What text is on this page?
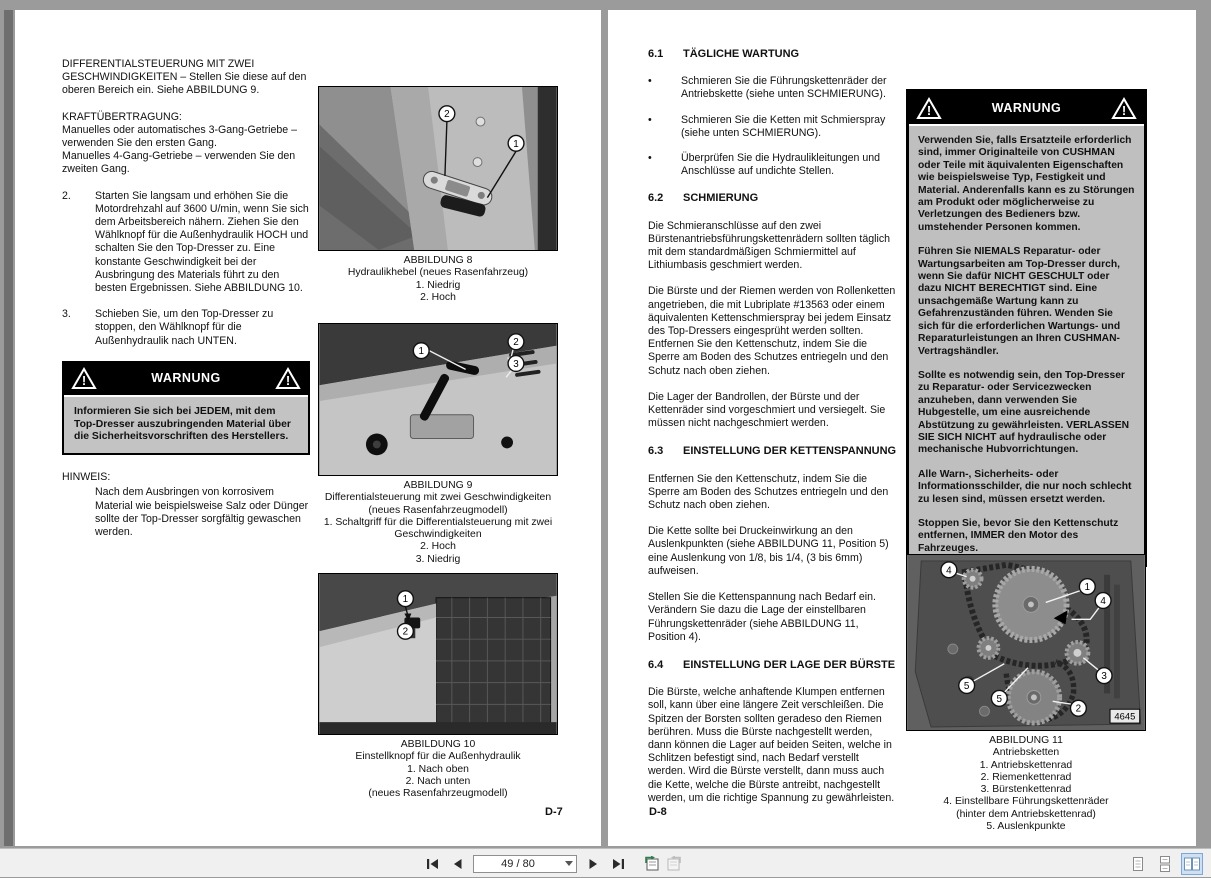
DIFFERENTIALSTEUERUNG MIT ZWEI GESCHWINDIGKEITEN – Stellen Sie diese auf den oberen Bereich ein. Siehe ABBILDUNG 9.

KRAFTÜBERTRAGUNG:

Manuelles oder automatisches 3-Gang-Getriebe – verwenden Sie den ersten Gang.

Manuelles 4-Gang-Getriebe – verwenden Sie den zweiten Gang.

2.	Starten Sie langsam und erhöhen Sie die Motordrehzahl auf 3600 U/min, wenn Sie sich dem Arbeitsbereich nähern. Ziehen Sie den Wählknopf für die Außenhydraulik HOCH und schalten Sie den Top-Dresser zu. Eine konstante Geschwindigkeit bei der Ausbringung des Materials führt zu den besten Ergebnissen. Siehe ABBILDUNG 10.
3.	Schieben Sie, um den Top-Dresser zu stoppen, den Wählknopf für die Außenhydraulik nach UNTEN.
!	WARNUNG	!
Informieren Sie sich bei JEDEM, mit dem Top-Dresser auszubringenden Material über die Sicherheitsvorschriften des Herstellers.

HINWEIS:

Nach dem Ausbringen von korrosivem Material wie beispielsweise Salz oder Dünger sollte der Top-Dresser sorgfältig gewaschen werden.

2
1
ABBILDUNG 8
Hydraulikhebel (neues Rasenfahrzeug)
1. Niedrig
2. Hoch
1
2
3
ABBILDUNG 9
Differentialsteuerung mit zwei Geschwindigkeiten
(neues Rasenfahrzeugmodell)
1. Schaltgriff für die Differentialsteuerung mit zwei
Geschwindigkeiten
2. Hoch
3. Niedrig
1
2
ABBILDUNG 10
Einstellknopf für die Außenhydraulik
1. Nach oben
2. Nach unten
(neues Rasenfahrzeugmodell)
D-7
6.1	TÄGLICHE WARTUNG
•	Schmieren Sie die Führungskettenräder der Antriebskette (siehe unten SCHMIERUNG).
•	Schmieren Sie die Ketten mit Schmierspray (siehe unten SCHMIERUNG).
•	Überprüfen Sie die Hydraulikleitungen und Anschlüsse auf undichte Stellen.
6.2	SCHMIERUNG

Die Schmieranschlüsse auf den zwei Bürstenantriebsführungskettenrädern sollten täglich mit dem standardmäßigen Schmiermittel auf Lithiumbasis geschmiert werden.

Die Bürste und der Riemen werden von Rollenketten angetrieben, die mit Lubriplate #13563 oder einem äquivalenten Kettenschmierspray bei jedem Einsatz des Top-Dressers eingesprüht werden sollten. Entfernen Sie den Kettenschutz, indem Sie die Sperre am Boden des Schutzes entriegeln und den Schutz nach oben ziehen.

Die Lager der Bandrollen, der Bürste und der Kettenräder sind vorgeschmiert und versiegelt. Sie müssen nicht nachgeschmiert werden.

6.3	EINSTELLUNG DER KETTENSPANNUNG

Entfernen Sie den Kettenschutz, indem Sie die Sperre am Boden des Schutzes entriegeln und den Schutz nach oben ziehen.

Die Kette sollte bei Druckeinwirkung an den Auslenkpunkten (siehe ABBILDUNG 11, Position 5) eine Auslenkung von 1/8, bis 1/4, (3 bis 6mm) aufweisen.

Stellen Sie die Kettenspannung nach Bedarf ein. Verändern Sie dazu die Lage der einstellbaren Führungskettenräder (siehe ABBILDUNG 11, Position 4).

6.4	EINSTELLUNG DER LAGE DER BÜRSTE

Die Bürste, welche anhaftende Klumpen entfernen soll, kann über eine längere Zeit verschleißen. Die Spitzen der Borsten sollten geradeso den Riemen berühren. Muss die Bürste nachgestellt werden, dann können die Lager auf beiden Seiten, welche in Schlitzen befestigt sind, nach Bedarf verstellt werden. Wird die Bürste verstellt, dann muss auch die Kette, welche die Bürste antreibt, nachgestellt werden, um die richtige Spannung zu gewährleisten.

!	WARNUNG	!
Verwenden Sie, falls Ersatzteile erforderlich sind, immer Originalteile von CUSHMAN oder Teile mit äquivalenten Eigenschaften wie beispielsweise Typ, Festigkeit und Material. Anderenfalls kann es zu Störungen am Produkt oder möglicherweise zu Verletzungen des Bedieners bzw. umstehender Personen kommen.
Führen Sie NIEMALS Reparatur- oder Wartungsarbeiten am Top-Dresser durch, wenn Sie dafür NICHT GESCHULT oder dazu NICHT BERECHTIGT sind. Eine unsachgemäße Wartung kann zu Gefahrenzuständen führen. Wenden Sie sich für die erforderlichen Wartungs- und Reparaturleistungen an Ihren CUSHMAN-Vertragshändler.
Sollte es notwendig sein, den Top-Dresser zu Reparatur- oder Servicezwecken anzuheben, dann verwenden Sie Hubgestelle, um eine ausreichende Abstützung zu gewährleisten. VERLASSEN SIE SICH NICHT auf hydraulische oder mechanische Hubvorrichtungen.
Alle Warn-, Sicherheits- oder Informationsschilder, die nur noch schlecht zu lesen sind, müssen ersetzt werden.
Stoppen Sie, bevor Sie den Kettenschutz entfernen, IMMER den Motor des Fahrzeuges.
4
1
4
3
5
5
2
4645
ABBILDUNG 11
Antriebsketten
1. Antriebskettenrad
2. Riemenkettenrad
3. Bürstenkettenrad
4. Einstellbare Führungskettenräder
(hinter dem Antriebskettenrad)
5. Auslenkpunkte
D-8
49 / 80
